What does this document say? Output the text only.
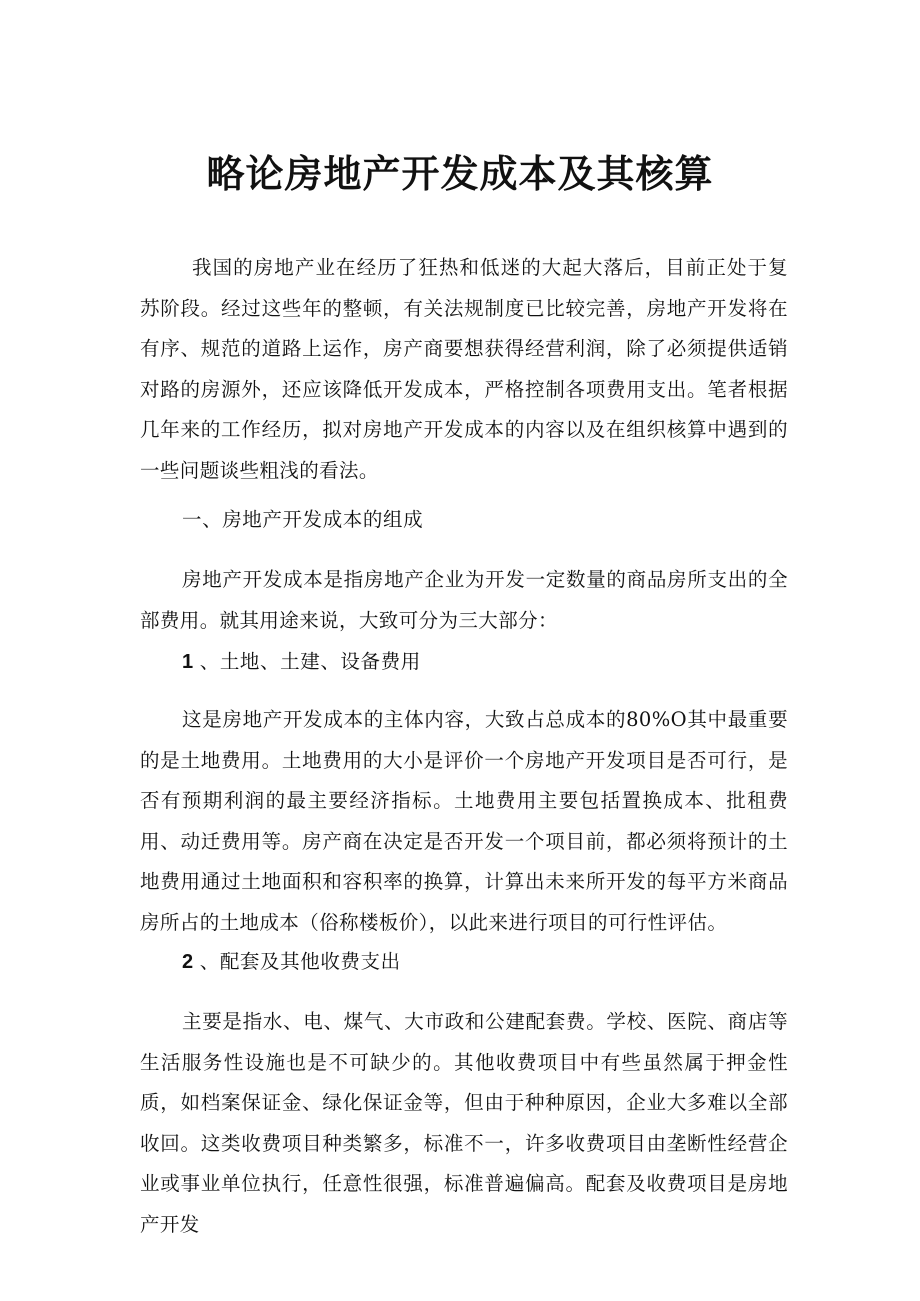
略论房地产开发成本及其核算

我国的房地产业在经历了狂热和低迷的大起大落后，目前正处于复苏阶段。经过这些年的整顿，有关法规制度已比较完善，房地产开发将在有序、规范的道路上运作，房产商要想获得经营利润，除了必须提供适销对路的房源外，还应该降低开发成本，严格控制各项费用支出。笔者根据几年来的工作经历，拟对房地产开发成本的内容以及在组织核算中遇到的一些问题谈些粗浅的看法。

一、房地产开发成本的组成

房地产开发成本是指房地产企业为开发一定数量的商品房所支出的全部费用。就其用途来说，大致可分为三大部分：

1 、土地、土建、设备费用

这是房地产开发成本的主体内容，大致占总成本的80%O其中最重要的是土地费用。土地费用的大小是评价一个房地产开发项目是否可行，是否有预期利润的最主要经济指标。土地费用主要包括置换成本、批租费用、动迁费用等。房产商在决定是否开发一个项目前，都必须将预计的土地费用通过土地面积和容积率的换算，计算出未来所开发的每平方米商品房所占的土地成本（俗称楼板价），以此来进行项目的可行性评估。

2 、配套及其他收费支出

主要是指水、电、煤气、大市政和公建配套费。学校、医院、商店等生活服务性设施也是不可缺少的。其他收费项目中有些虽然属于押金性质，如档案保证金、绿化保证金等，但由于种种原因，企业大多难以全部收回。这类收费项目种类繁多，标准不一，许多收费项目由垄断性经营企业或事业单位执行，任意性很强，标准普遍偏高。配套及收费项目是房地产开发
